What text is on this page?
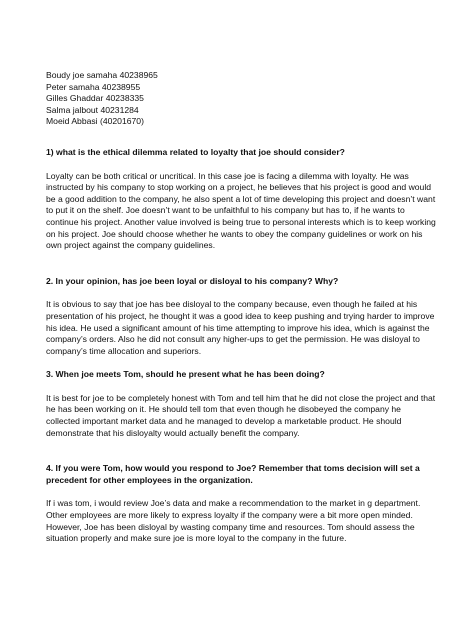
Boudy joe samaha 40238965
Peter samaha 40238955
Gilles Ghaddar 40238335
Salma jalbout 40231284
Moeid Abbasi (40201670)
1) what is the ethical dilemma related to loyalty that joe should consider?
Loyalty can be both critical or uncritical. In this case joe is facing a dilemma with loyalty. He was instructed by his company to stop working on a project, he believes that his project is good and would be a good addition to the company, he also spent a lot of time developing this project and doesn’t want to put it on the shelf. Joe doesn’t want to be unfaithful to his company but has to, if he wants to continue his project. Another value involved is being true to personal interests which is to keep working on his project. Joe should choose whether he wants to obey the company guidelines or work on his own project against the company guidelines.
2. In your opinion, has joe been loyal or disloyal to his company? Why?
It is obvious to say that joe has bee disloyal to the company because, even though he failed at his presentation of his project, he thought it was a good idea to keep pushing and trying harder to improve his idea. He used a significant amount of his time attempting to improve his idea, which is against the company’s orders. Also he did not consult any higher-ups to get the permission. He was disloyal to company’s time allocation and superiors.
3. When joe meets Tom, should he present what he has been doing?
It is best for joe to be completely honest with Tom and tell him that he did not close the project and that he has been working on it. He should tell tom that even though he disobeyed the company he collected important market data and he managed to develop a marketable product. He should demonstrate that his disloyalty would actually benefit the company.
4. If you were Tom, how would you respond to Joe? Remember that toms decision will set a precedent for other employees in the organization.
If i was tom, i would review Joe’s data and make a recommendation to the market in g department. Other employees are more likely to express loyalty if the company were a bit more open minded. However, Joe has been disloyal by wasting company time and resources. Tom should assess the situation properly and make sure joe is more loyal to the company in the future.
